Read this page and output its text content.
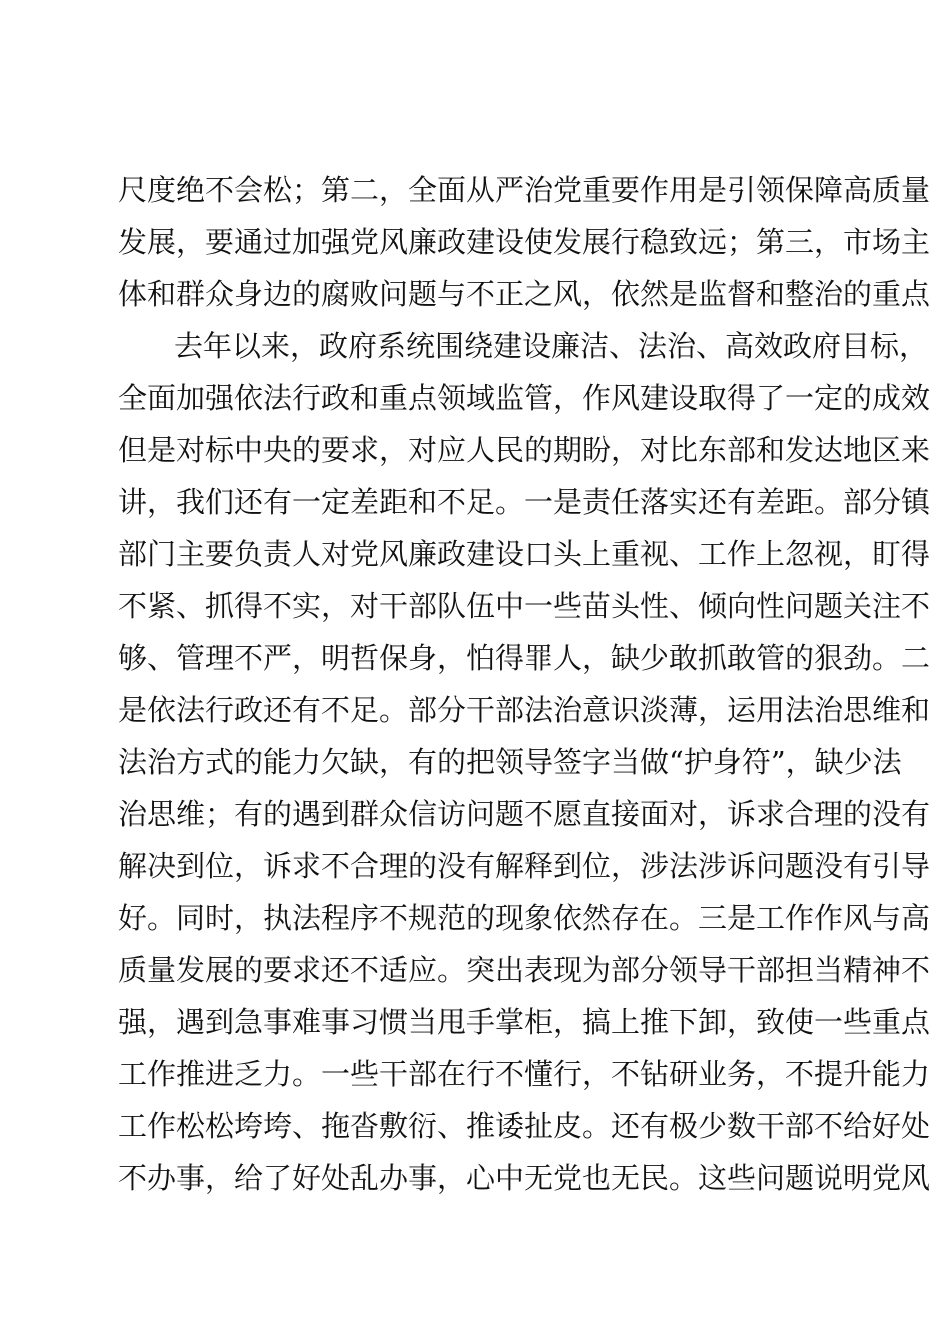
尺度绝不会松；第二，全面从严治党重要作用是引领保障高质量
发展，要通过加强党风廉政建设使发展行稳致远；第三，市场主
体和群众身边的腐败问题与不正之风，依然是监督和整治的重点
去年以来，政府系统围绕建设廉洁、法治、高效政府目标，
全面加强依法行政和重点领域监管，作风建设取得了一定的成效
但是对标中央的要求，对应人民的期盼，对比东部和发达地区来
讲，我们还有一定差距和不足。一是责任落实还有差距。部分镇
部门主要负责人对党风廉政建设口头上重视、工作上忽视，盯得
不紧、抓得不实，对干部队伍中一些苗头性、倾向性问题关注不
够、管理不严，明哲保身，怕得罪人，缺少敢抓敢管的狠劲。二
是依法行政还有不足。部分干部法治意识淡薄，运用法治思维和
法治方式的能力欠缺，有的把领导签字当做“护身符”，缺少法
治思维；有的遇到群众信访问题不愿直接面对，诉求合理的没有
解决到位，诉求不合理的没有解释到位，涉法涉诉问题没有引导
好。同时，执法程序不规范的现象依然存在。三是工作作风与高
质量发展的要求还不适应。突出表现为部分领导干部担当精神不
强，遇到急事难事习惯当甩手掌柜，搞上推下卸，致使一些重点
工作推进乏力。一些干部在行不懂行，不钻研业务，不提升能力
工作松松垮垮、拖沓敷衍、推诿扯皮。还有极少数干部不给好处
不办事，给了好处乱办事，心中无党也无民。这些问题说明党风
